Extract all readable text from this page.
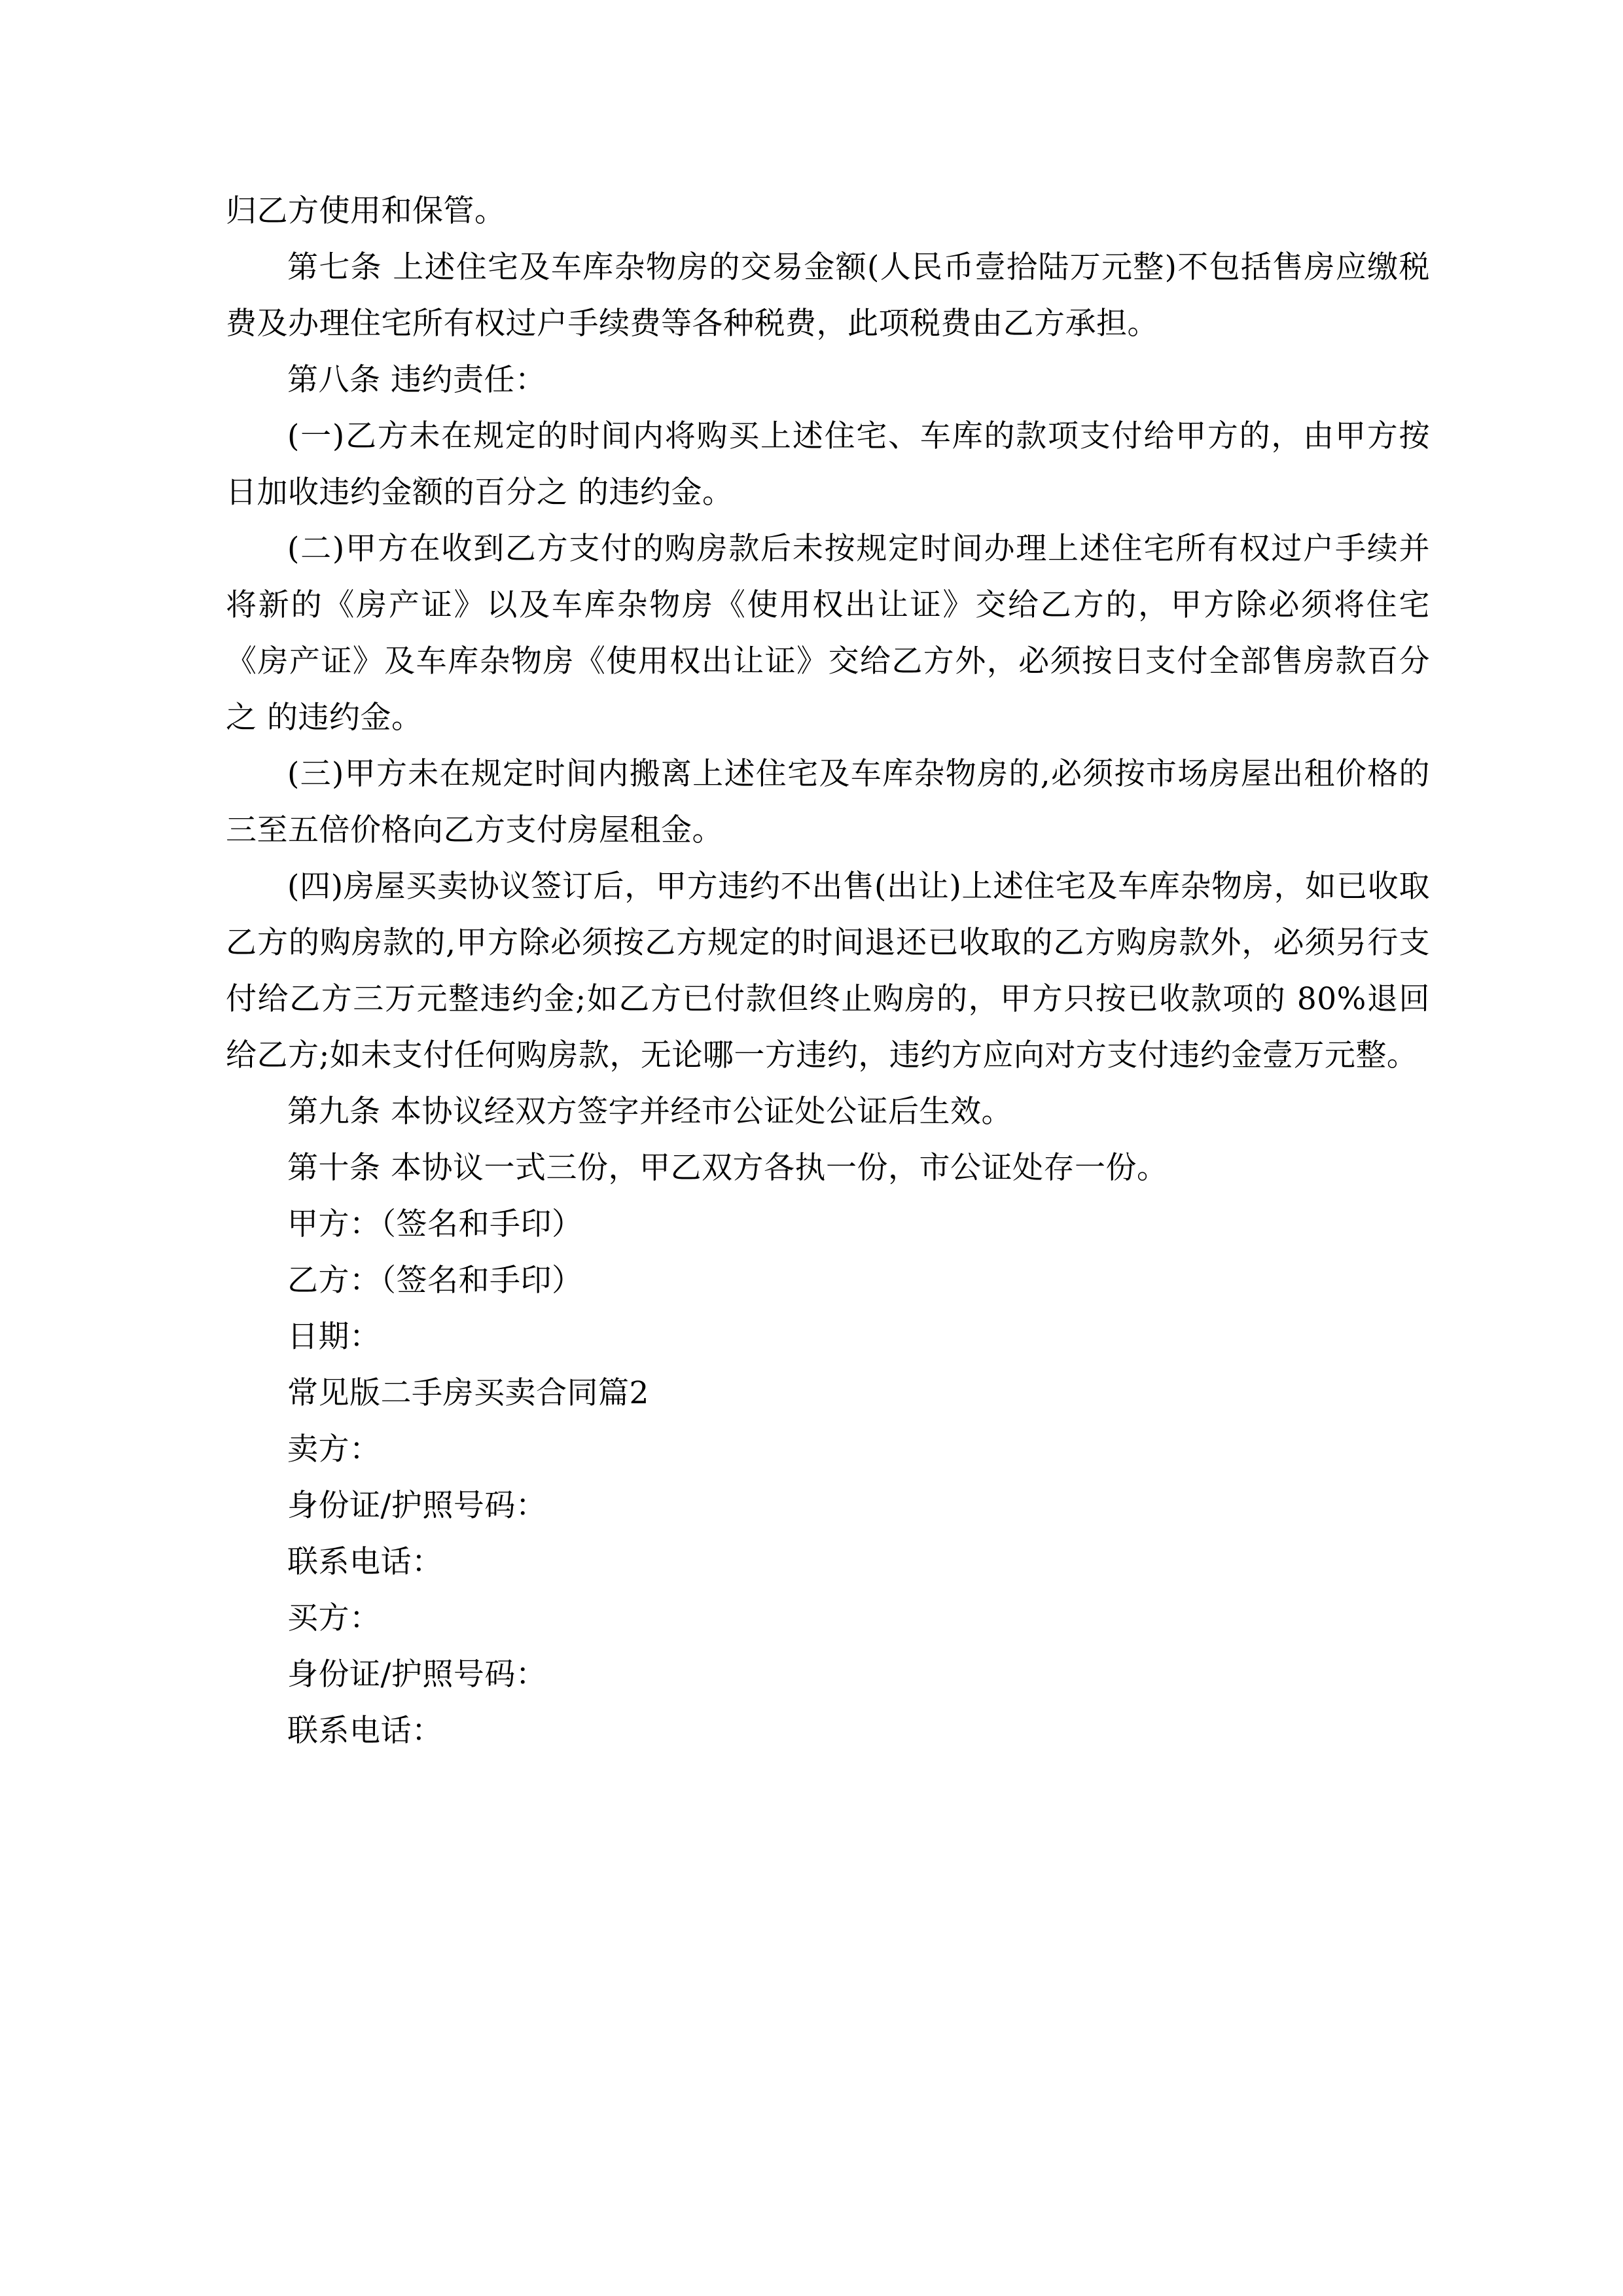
归乙方使用和保管。

第七条 上述住宅及车库杂物房的交易金额(人民币壹拾陆万元整)不包括售房应缴税费及办理住宅所有权过户手续费等各种税费，此项税费由乙方承担。

第八条 违约责任：

(一)乙方未在规定的时间内将购买上述住宅、车库的款项支付给甲方的，由甲方按日加收违约金额的百分之 的违约金。

(二)甲方在收到乙方支付的购房款后未按规定时间办理上述住宅所有权过户手续并将新的《房产证》以及车库杂物房《使用权出让证》交给乙方的，甲方除必须将住宅《房产证》及车库杂物房《使用权出让证》交给乙方外，必须按日支付全部售房款百分之 的违约金。

(三)甲方未在规定时间内搬离上述住宅及车库杂物房的,必须按市场房屋出租价格的三至五倍价格向乙方支付房屋租金。

(四)房屋买卖协议签订后，甲方违约不出售(出让)上述住宅及车库杂物房，如已收取乙方的购房款的,甲方除必须按乙方规定的时间退还已收取的乙方购房款外，必须另行支付给乙方三万元整违约金;如乙方已付款但终止购房的，甲方只按已收款项的 80%退回给乙方;如未支付任何购房款，无论哪一方违约，违约方应向对方支付违约金壹万元整。

第九条 本协议经双方签字并经市公证处公证后生效。

第十条 本协议一式三份，甲乙双方各执一份，市公证处存一份。

甲方：（签名和手印）

乙方：（签名和手印）

日期：

常见版二手房买卖合同篇2

卖方：

身份证/护照号码：

联系电话：

买方：

身份证/护照号码：

联系电话：
